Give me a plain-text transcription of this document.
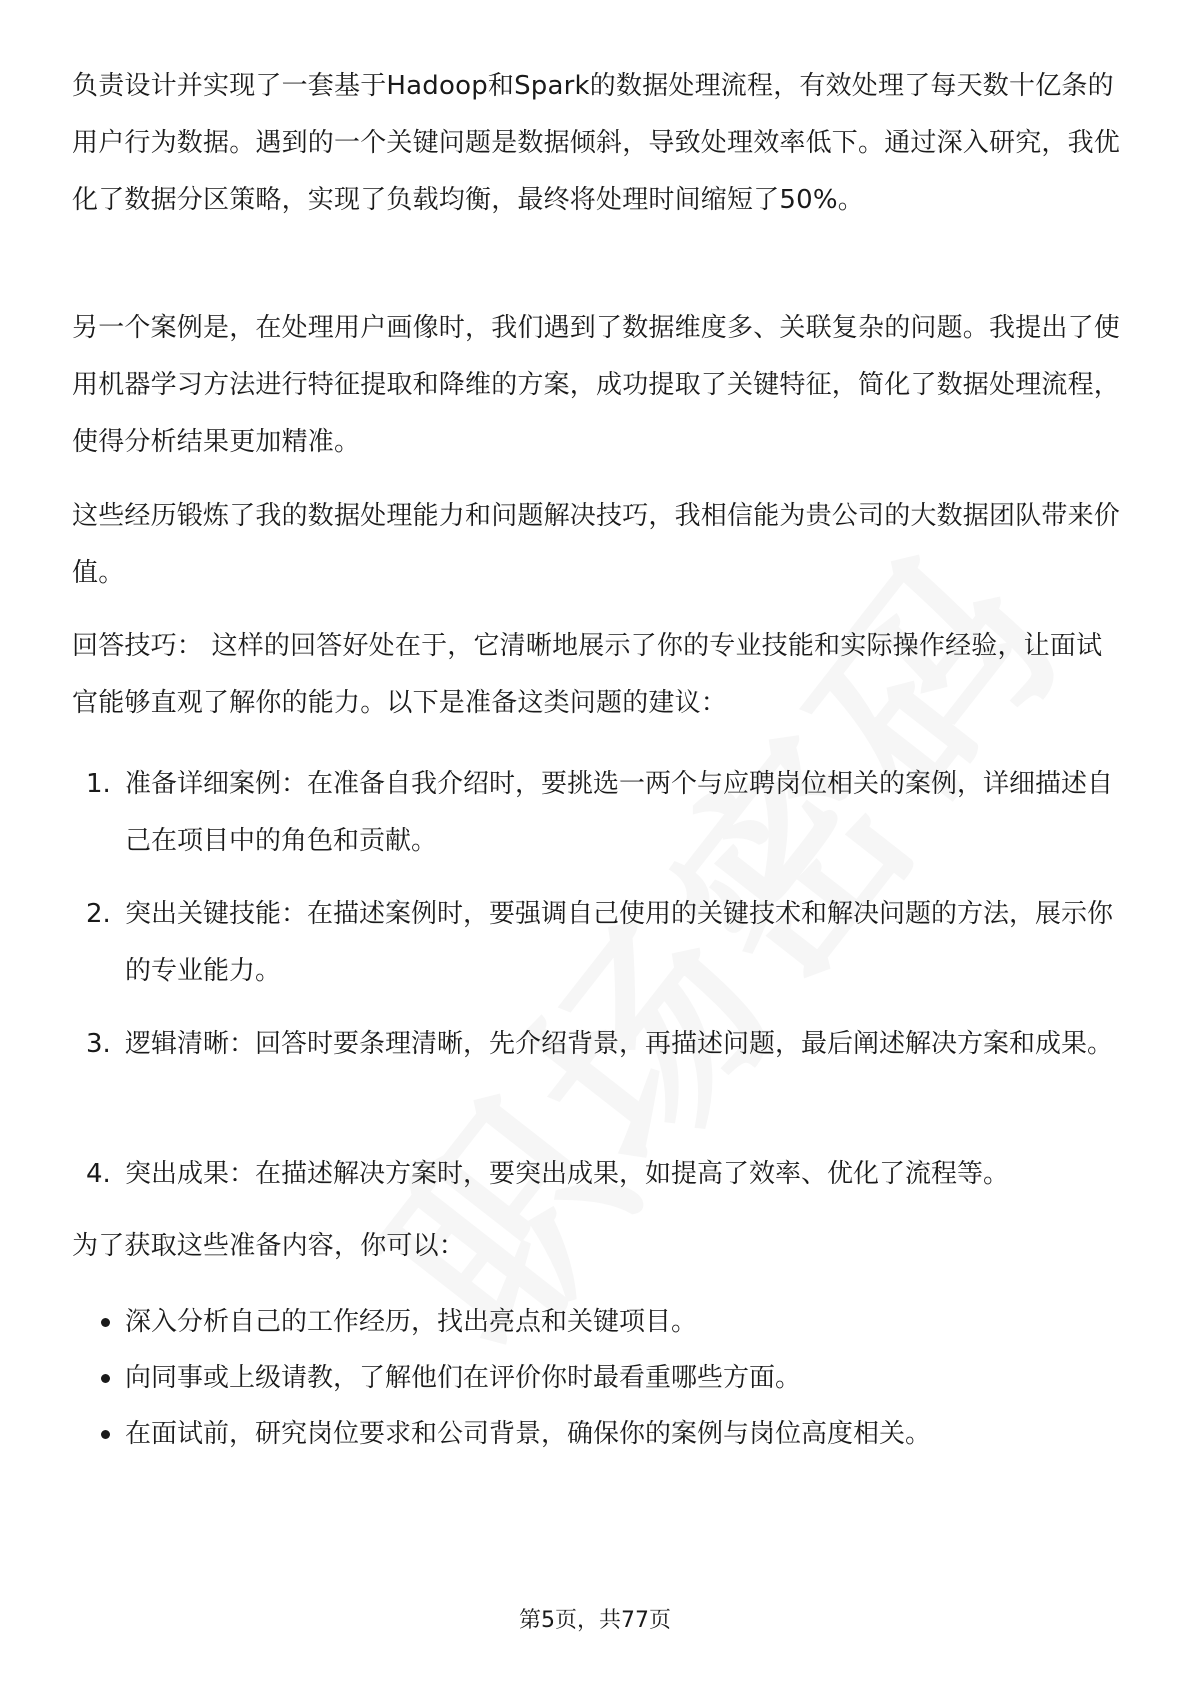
负责设计并实现了一套基于Hadoop和Spark的数据处理流程，有效处理了每天数十亿条的用户行为数据。遇到的一个关键问题是数据倾斜，导致处理效率低下。通过深入研究，我优化了数据分区策略，实现了负载均衡，最终将处理时间缩短了50%。

另一个案例是，在处理用户画像时，我们遇到了数据维度多、关联复杂的问题。我提出了使用机器学习方法进行特征提取和降维的方案，成功提取了关键特征，简化了数据处理流程，使得分析结果更加精准。

这些经历锻炼了我的数据处理能力和问题解决技巧，我相信能为贵公司的大数据团队带来价值。

回答技巧： 这样的回答好处在于，它清晰地展示了你的专业技能和实际操作经验，让面试官能够直观了解你的能力。以下是准备这类问题的建议：

1. 准备详细案例：在准备自我介绍时，要挑选一两个与应聘岗位相关的案例，详细描述自己在项目中的角色和贡献。
2. 突出关键技能：在描述案例时，要强调自己使用的关键技术和解决问题的方法，展示你的专业能力。
3. 逻辑清晰：回答时要条理清晰，先介绍背景，再描述问题，最后阐述解决方案和成果。
4. 突出成果：在描述解决方案时，要突出成果，如提高了效率、优化了流程等。

为了获取这些准备内容，你可以：

深入分析自己的工作经历，找出亮点和关键项目。
向同事或上级请教，了解他们在评价你时最看重哪些方面。
在面试前，研究岗位要求和公司背景，确保你的案例与岗位高度相关。
第5页，共77页
